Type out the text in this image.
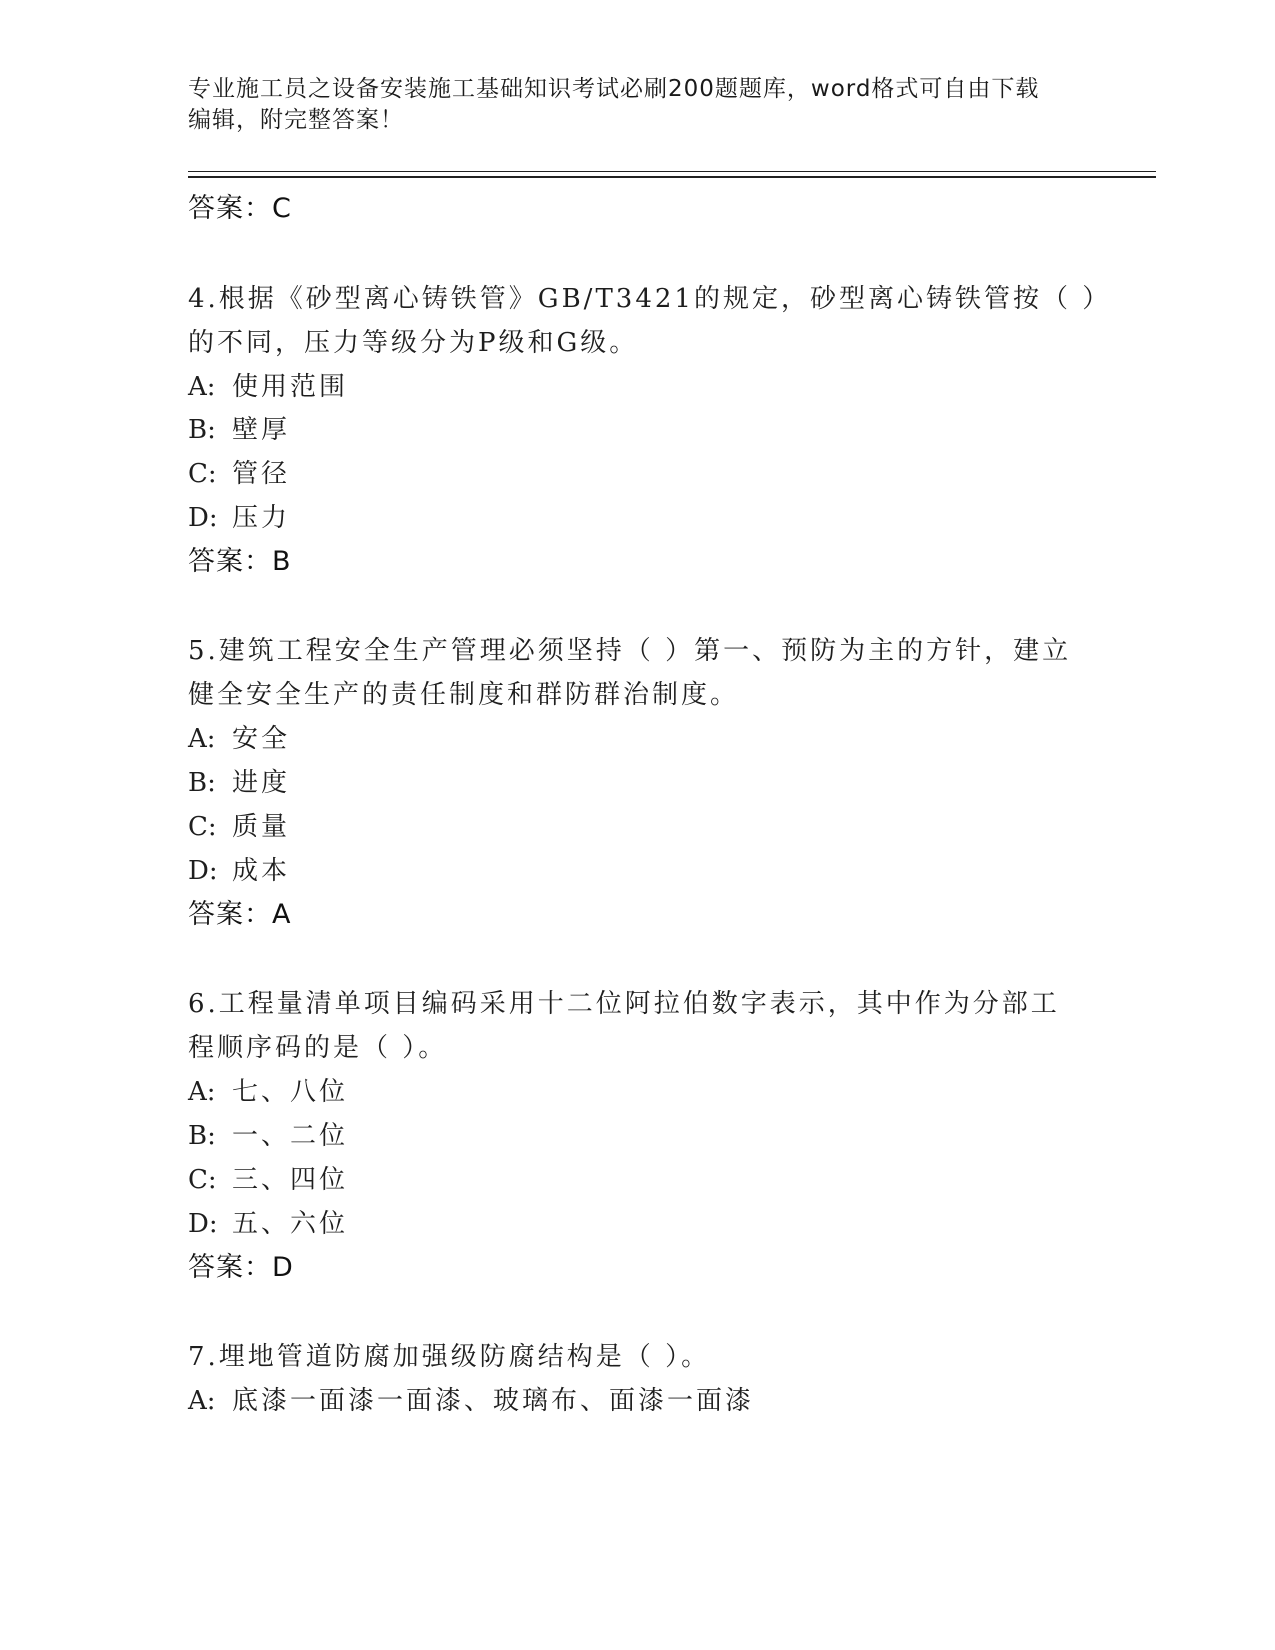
专业施工员之设备安装施工基础知识考试必刷200题题库，word格式可自由下载
编辑，附完整答案！
答案：C
4.根据《砂型离心铸铁管》GB/T3421的规定，砂型离心铸铁管按（ ）
的不同，压力等级分为P级和G级。
A: 使用范围
B: 壁厚
C: 管径
D: 压力
答案：B
5.建筑工程安全生产管理必须坚持（ ）第一、预防为主的方针，建立
健全安全生产的责任制度和群防群治制度。
A: 安全
B: 进度
C: 质量
D: 成本
答案：A
6.工程量清单项目编码采用十二位阿拉伯数字表示，其中作为分部工
程顺序码的是（ ）。
A: 七、八位
B: 一、二位
C: 三、四位
D: 五、六位
答案：D
7.埋地管道防腐加强级防腐结构是（ ）。
A: 底漆一面漆一面漆、玻璃布、面漆一面漆
